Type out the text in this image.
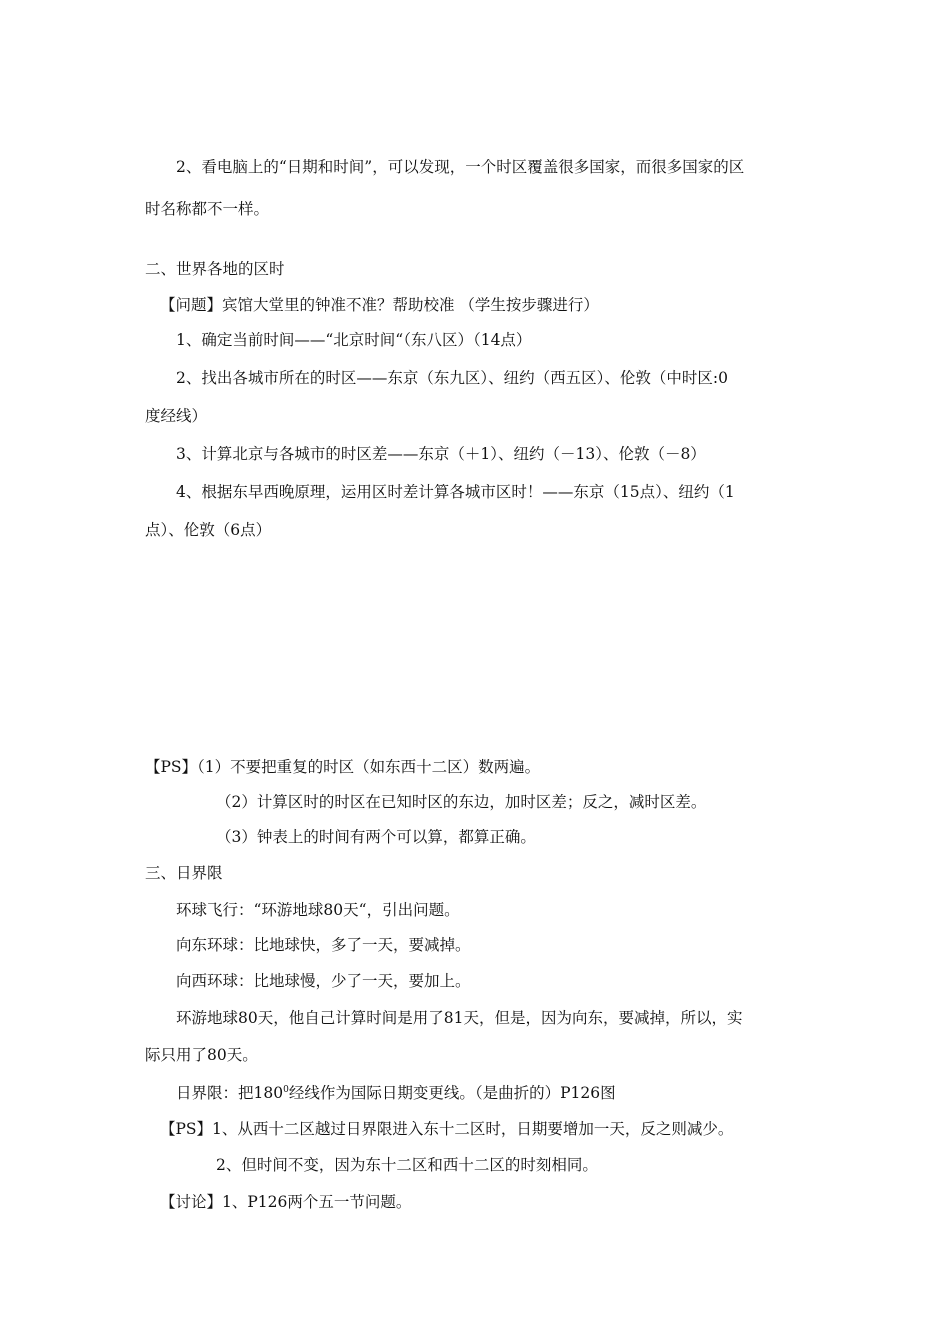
2、看电脑上的“日期和时间”，可以发现，一个时区覆盖很多国家，而很多国家的区
时名称都不一样。
二、世界各地的区时
【问题】宾馆大堂里的钟准不准？帮助校准 （学生按步骤进行）
1、确定当前时间——“北京时间“（东八区）（14点）
2、找出各城市所在的时区——东京（东九区）、纽约（西五区）、伦敦（中时区:0
度经线）
3、计算北京与各城市的时区差——东京（＋1）、纽约（－13）、伦敦（－8）
4、根据东早西晚原理，运用区时差计算各城市区时！——东京（15点）、纽约（1
点）、伦敦（6点）
【PS】（1）不要把重复的时区（如东西十二区）数两遍。
（2）计算区时的时区在已知时区的东边，加时区差；反之，减时区差。
（3）钟表上的时间有两个可以算，都算正确。
三、日界限
环球飞行：“环游地球80天“，引出问题。
向东环球：比地球快，多了一天，要减掉。
向西环球：比地球慢，少了一天，要加上。
环游地球80天，他自己计算时间是用了81天，但是，因为向东，要减掉，所以，实
际只用了80天。
日界限：把$180^0$经线作为国际日期变更线。（是曲折的）P126图
【PS】1、从西十二区越过日界限进入东十二区时，日期要增加一天，反之则减少。
2、但时间不变，因为东十二区和西十二区的时刻相同。
【讨论】1、P126两个五一节问题。
